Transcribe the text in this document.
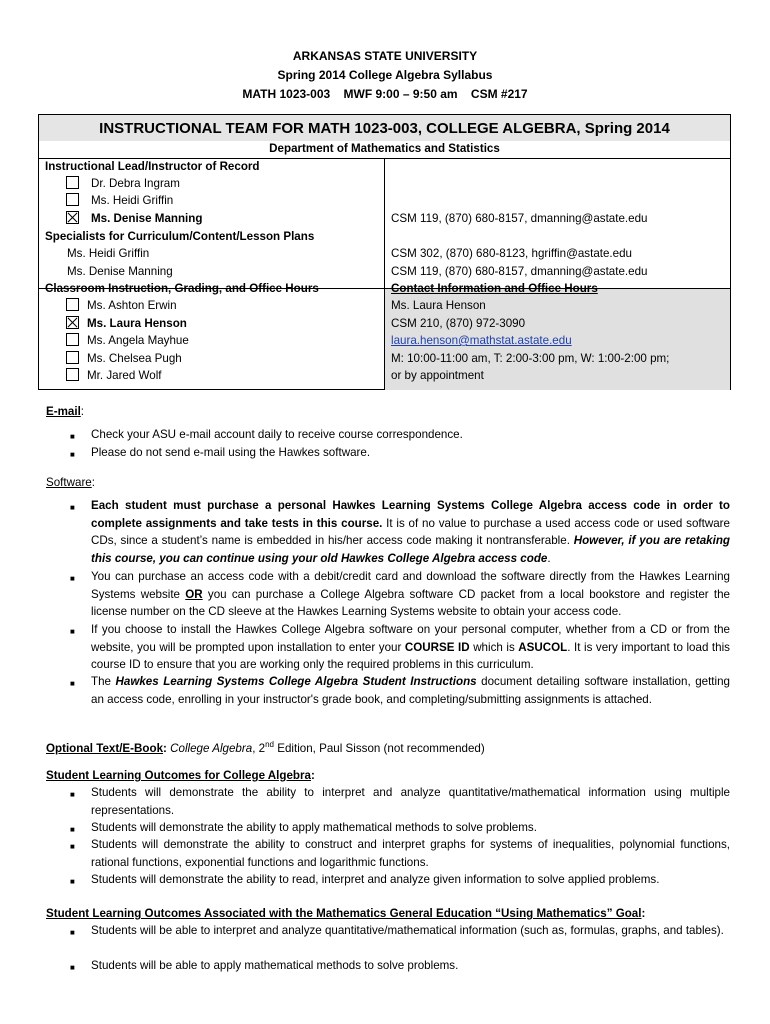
ARKANSAS STATE UNIVERSITY
Spring 2014 College Algebra Syllabus
MATH 1023-003    MWF 9:00 – 9:50 am    CSM #217
INSTRUCTIONAL TEAM FOR MATH 1023-003, COLLEGE ALGEBRA, Spring 2014
Department of Mathematics and Statistics
Instructional Lead/Instructor of Record
Dr. Debra Ingram
Ms. Heidi Griffin
Ms. Denise Manning
Specialists for Curriculum/Content/Lesson Plans
Ms. Heidi Griffin
Ms. Denise Manning
Classroom Instruction, Grading, and Office Hours
Ms. Ashton Erwin
Ms. Laura Henson
Ms. Angela Mayhue
Ms. Chelsea Pugh
Mr. Jared Wolf
CSM 119, (870) 680-8157, dmanning@astate.edu
CSM 302, (870) 680-8123, hgriffin@astate.edu
CSM 119, (870) 680-8157, dmanning@astate.edu
Contact Information and Office Hours
Ms. Laura Henson
CSM 210, (870) 972-3090
laura.henson@mathstat.astate.edu
M: 10:00-11:00 am, T: 2:00-3:00 pm, W: 1:00-2:00 pm;
or by appointment
E-mail:
■ Check your ASU e-mail account daily to receive course correspondence.
■ Please do not send e-mail using the Hawkes software.
Software:
■ Each student must purchase a personal Hawkes Learning Systems College Algebra access code in order to complete assignments and take tests in this course. It is of no value to purchase a used access code or used software CDs, since a student’s name is embedded in his/her access code making it nontransferable. However, if you are retaking this course, you can continue using your old Hawkes College Algebra access code.
■ You can purchase an access code with a debit/credit card and download the software directly from the Hawkes Learning Systems website OR you can purchase a College Algebra software CD packet from a local bookstore and register the license number on the CD sleeve at the Hawkes Learning Systems website to obtain your access code.
■ If you choose to install the Hawkes College Algebra software on your personal computer, whether from a CD or from the website, you will be prompted upon installation to enter your COURSE ID which is ASUCOL. It is very important to load this course ID to ensure that you are working only the required problems in this curriculum.
■ The Hawkes Learning Systems College Algebra Student Instructions document detailing software installation, getting an access code, enrolling in your instructor's grade book, and completing/submitting assignments is attached.
Optional Text/E-Book: College Algebra, 2nd Edition, Paul Sisson (not recommended)
Student Learning Outcomes for College Algebra:
■ Students will demonstrate the ability to interpret and analyze quantitative/mathematical information using multiple representations.
■ Students will demonstrate the ability to apply mathematical methods to solve problems.
■ Students will demonstrate the ability to construct and interpret graphs for systems of inequalities, polynomial functions, rational functions, exponential functions and logarithmic functions.
■ Students will demonstrate the ability to read, interpret and analyze given information to solve applied problems.
Student Learning Outcomes Associated with the Mathematics General Education “Using Mathematics” Goal:
■ Students will be able to interpret and analyze quantitative/mathematical information (such as, formulas, graphs, and tables).
■ Students will be able to apply mathematical methods to solve problems.
